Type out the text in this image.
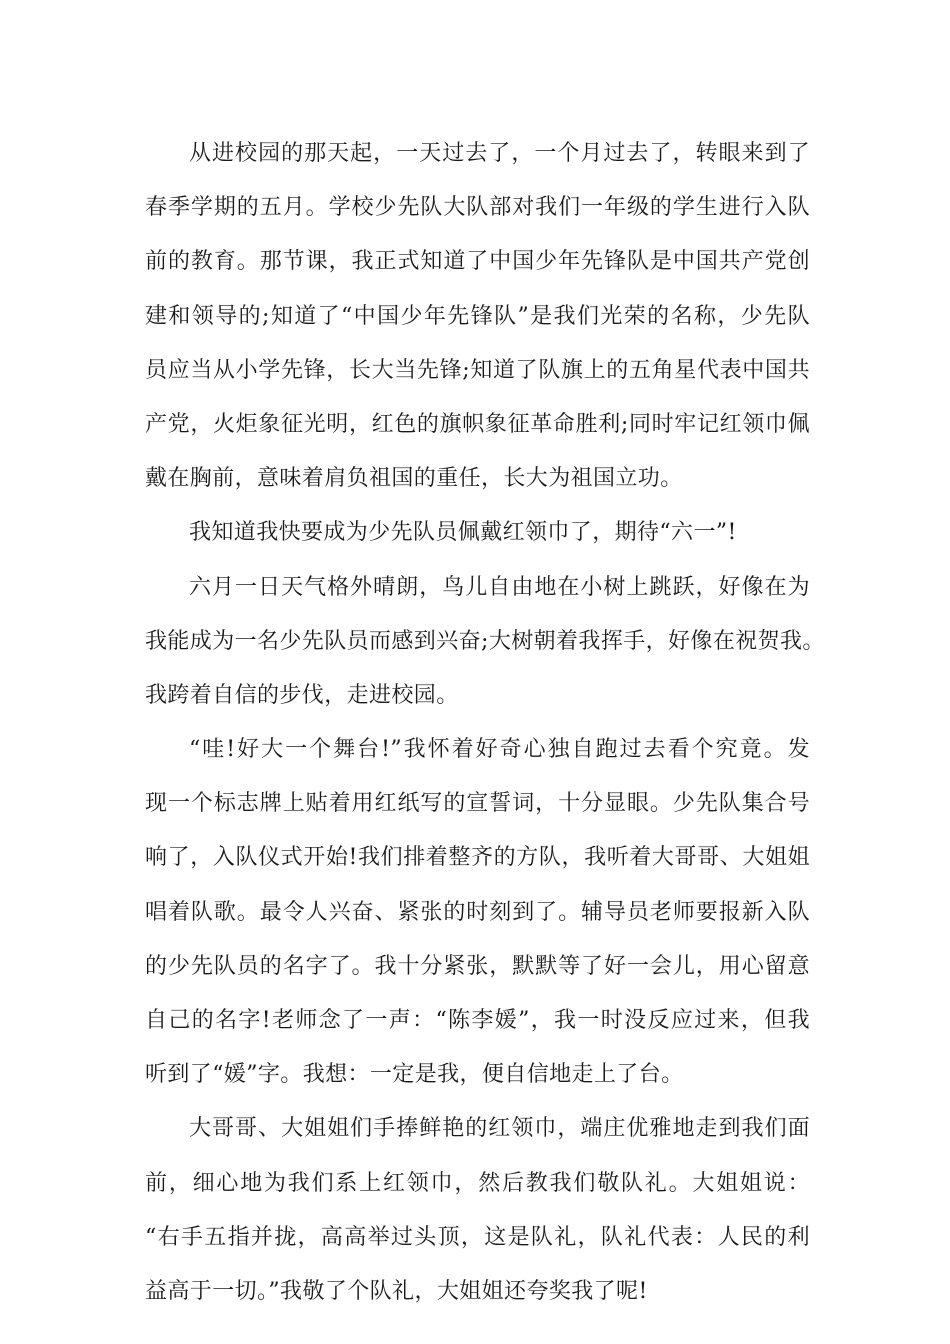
从进校园的那天起，一天过去了，一个月过去了，转眼来到了
春季学期的五月。学校少先队大队部对我们一年级的学生进行入队
前的教育。那节课，我正式知道了中国少年先锋队是中国共产党创
建和领导的;知道了“中国少年先锋队”是我们光荣的名称，少先队
员应当从小学先锋，长大当先锋;知道了队旗上的五角星代表中国共
产党，火炬象征光明，红色的旗帜象征革命胜利;同时牢记红领巾佩
戴在胸前，意味着肩负祖国的重任，长大为祖国立功。
我知道我快要成为少先队员佩戴红领巾了，期待“六一”!
六月一日天气格外晴朗，鸟儿自由地在小树上跳跃，好像在为
我能成为一名少先队员而感到兴奋;大树朝着我挥手，好像在祝贺我。
我跨着自信的步伐，走进校园。
“哇!好大一个舞台!”我怀着好奇心独自跑过去看个究竟。发
现一个标志牌上贴着用红纸写的宣誓词，十分显眼。少先队集合号
响了，入队仪式开始!我们排着整齐的方队，我听着大哥哥、大姐姐
唱着队歌。最令人兴奋、紧张的时刻到了。辅导员老师要报新入队
的少先队员的名字了。我十分紧张，默默等了好一会儿，用心留意
自己的名字!老师念了一声：“陈李媛”，我一时没反应过来，但我
听到了“媛”字。我想：一定是我，便自信地走上了台。
大哥哥、大姐姐们手捧鲜艳的红领巾，端庄优雅地走到我们面
前，细心地为我们系上红领巾，然后教我们敬队礼。大姐姐说：
“右手五指并拢，高高举过头顶，这是队礼，队礼代表：人民的利
益高于一切。”我敬了个队礼，大姐姐还夸奖我了呢!
